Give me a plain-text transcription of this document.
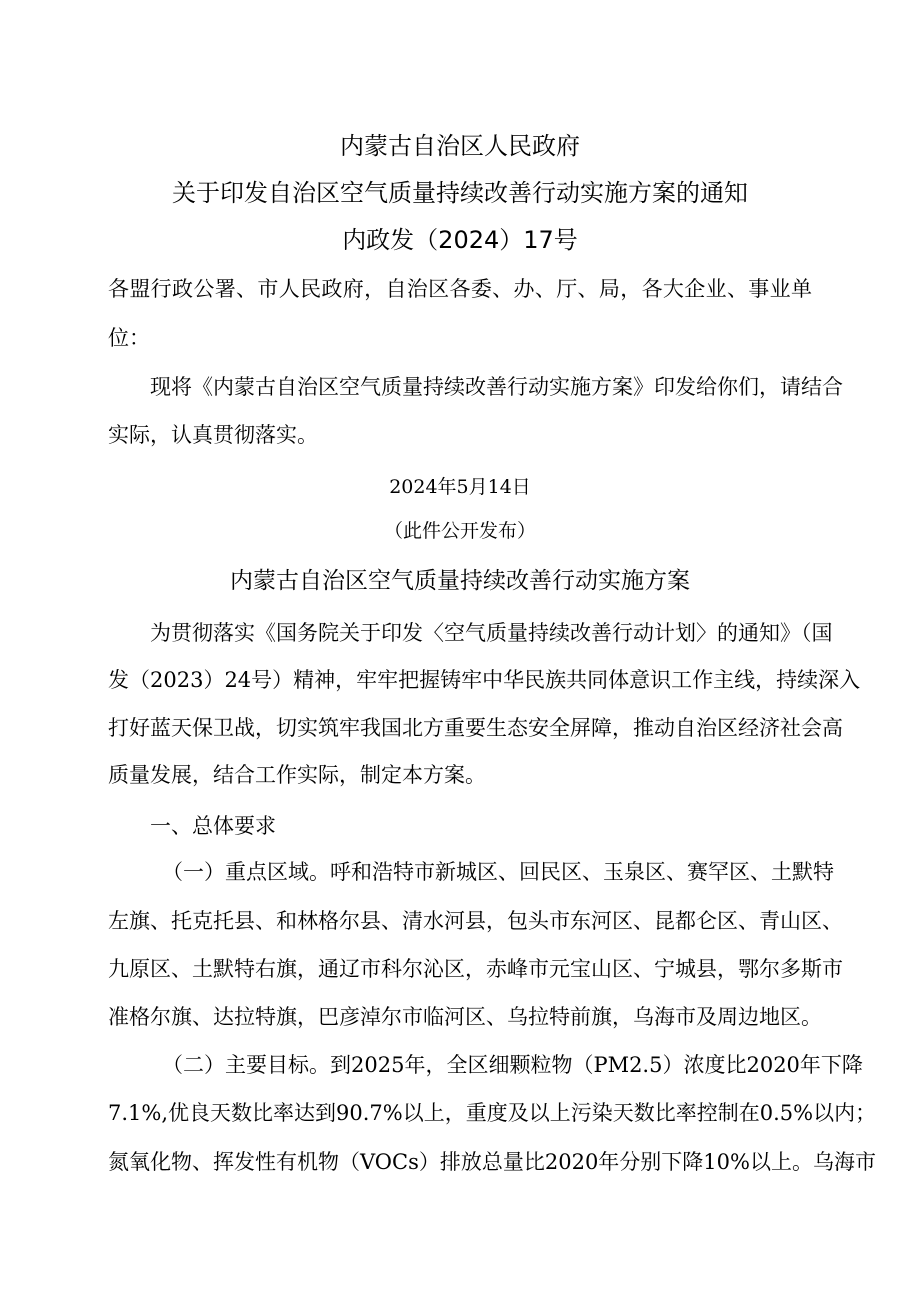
内蒙古自治区人民政府
关于印发自治区空气质量持续改善行动实施方案的通知
内政发（2024）17号
各盟行政公署、市人民政府，自治区各委、办、厅、局，各大企业、事业单
位：
现将《内蒙古自治区空气质量持续改善行动实施方案》印发给你们，请结合
实际，认真贯彻落实。
2024年5月14日
（此件公开发布）
内蒙古自治区空气质量持续改善行动实施方案
为贯彻落实《国务院关于印发〈空气质量持续改善行动计划〉的通知》（国
发（2023）24号）精神，牢牢把握铸牢中华民族共同体意识工作主线，持续深入
打好蓝天保卫战，切实筑牢我国北方重要生态安全屏障，推动自治区经济社会高
质量发展，结合工作实际，制定本方案。
一、总体要求
（一）重点区域。呼和浩特市新城区、回民区、玉泉区、赛罕区、土默特
左旗、托克托县、和林格尔县、清水河县，包头市东河区、昆都仑区、青山区、
九原区、土默特右旗，通辽市科尔沁区，赤峰市元宝山区、宁城县，鄂尔多斯市
准格尔旗、达拉特旗，巴彦淖尔市临河区、乌拉特前旗，乌海市及周边地区。
（二）主要目标。到2025年，全区细颗粒物（PM2.5）浓度比2020年下降
7.1%,优良天数比率达到90.7%以上，重度及以上污染天数比率控制在0.5%以内；
氮氧化物、挥发性有机物（VOCs）排放总量比2020年分别下降10%以上。乌海市
